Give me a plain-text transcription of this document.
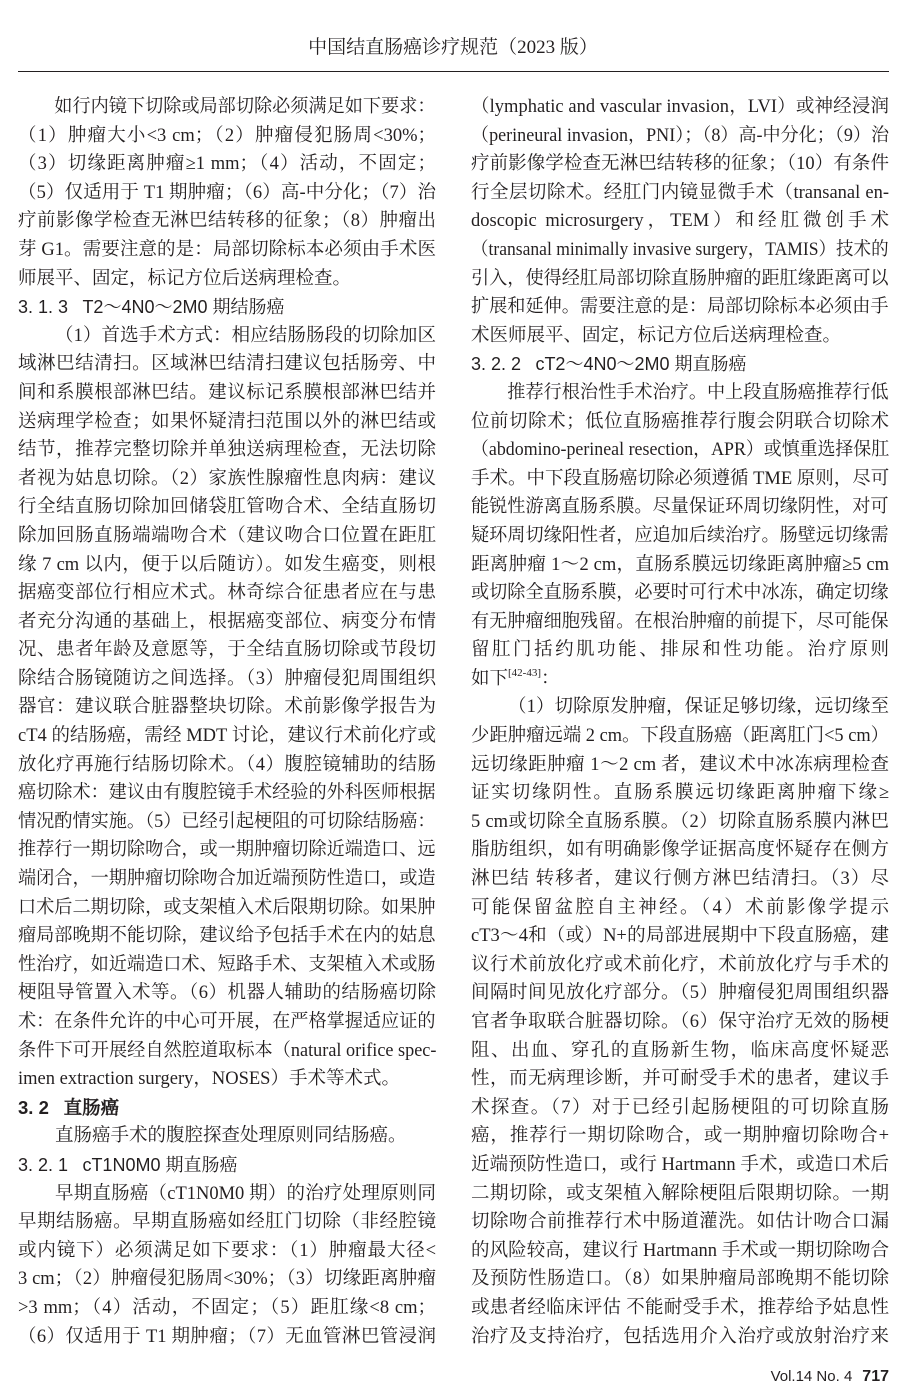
中国结直肠癌诊疗规范（2023 版）
如行内镜下切除或局部切除必须满足如下要求：
（1）肿瘤大小<3 cm；（2）肿瘤侵犯肠周<30%；
（3）切缘距离肿瘤≥1 mm；（4）活动，不固定；
（5）仅适用于 T1 期肿瘤；（6）高-中分化；（7）治
疗前影像学检查无淋巴结转移的征象；（8）肿瘤出
芽 G1。需要注意的是：局部切除标本必须由手术医
师展平、固定，标记方位后送病理检查。
3. 1. 3 T2～4N0～2M0 期结肠癌
（1）首选手术方式：相应结肠肠段的切除加区
域淋巴结清扫。区域淋巴结清扫建议包括肠旁、中
间和系膜根部淋巴结。建议标记系膜根部淋巴结并
送病理学检查；如果怀疑清扫范围以外的淋巴结或
结节，推荐完整切除并单独送病理检查，无法切除
者视为姑息切除。（2）家族性腺瘤性息肉病：建议
行全结直肠切除加回储袋肛管吻合术、全结直肠切
除加回肠直肠端端吻合术（建议吻合口位置在距肛
缘 7 cm 以内，便于以后随访）。如发生癌变，则根
据癌变部位行相应术式。林奇综合征患者应在与患
者充分沟通的基础上，根据癌变部位、病变分布情
况、患者年龄及意愿等，于全结直肠切除或节段切
除结合肠镜随访之间选择。（3）肿瘤侵犯周围组织
器官：建议联合脏器整块切除。术前影像学报告为
cT4 的结肠癌，需经 MDT 讨论，建议行术前化疗或
放化疗再施行结肠切除术。（4）腹腔镜辅助的结肠
癌切除术：建议由有腹腔镜手术经验的外科医师根据
情况酌情实施。（5）已经引起梗阻的可切除结肠癌：
推荐行一期切除吻合，或一期肿瘤切除近端造口、远
端闭合，一期肿瘤切除吻合加近端预防性造口，或造
口术后二期切除，或支架植入术后限期切除。如果肿
瘤局部晚期不能切除，建议给予包括手术在内的姑息
性治疗，如近端造口术、短路手术、支架植入术或肠
梗阻导管置入术等。（6）机器人辅助的结肠癌切除
术：在条件允许的中心可开展，在严格掌握适应证的
条件下可开展经自然腔道取标本（natural orifice spec-
imen extraction surgery，NOSES）手术等术式。
3. 2 直肠癌
直肠癌手术的腹腔探查处理原则同结肠癌。
3. 2. 1 cT1N0M0 期直肠癌
早期直肠癌（cT1N0M0 期）的治疗处理原则同
早期结肠癌。早期直肠癌如经肛门切除（非经腔镜
或内镜下）必须满足如下要求：（1）肿瘤最大径<
3 cm；（2）肿瘤侵犯肠周<30%；（3）切缘距离肿瘤
>3 mm；（4）活动，不固定；（5）距肛缘<8 cm；
（6）仅适用于 T1 期肿瘤；（7）无血管淋巴管浸润
（lymphatic and vascular invasion，LVI）或神经浸润
（perineural invasion，PNI）；（8）高-中分化；（9）治
疗前影像学检查无淋巴结转移的征象；（10）有条件
行全层切除术。经肛门内镜显微手术（transanal en-
doscopic microsurgery，TEM）和经肛微创手术
（transanal minimally invasive surgery，TAMIS）技术的
引入，使得经肛局部切除直肠肿瘤的距肛缘距离可以
扩展和延伸。需要注意的是：局部切除标本必须由手
术医师展平、固定，标记方位后送病理检查。
3. 2. 2 cT2～4N0～2M0 期直肠癌
推荐行根治性手术治疗。中上段直肠癌推荐行低
位前切除术；低位直肠癌推荐行腹会阴联合切除术
（abdomino-perineal resection，APR）或慎重选择保肛
手术。中下段直肠癌切除必须遵循 TME 原则，尽可
能锐性游离直肠系膜。尽量保证环周切缘阴性，对可
疑环周切缘阳性者，应追加后续治疗。肠壁远切缘需
距离肿瘤 1～2 cm，直肠系膜远切缘距离肿瘤≥5 cm
或切除全直肠系膜，必要时可行术中冰冻，确定切缘
有无肿瘤细胞残留。在根治肿瘤的前提下，尽可能保
留肛门括约肌功能、排尿和性功能。治疗原则
如下[42-43]：
（1）切除原发肿瘤，保证足够切缘，远切缘至
少距肿瘤远端 2 cm。下段直肠癌（距离肛门<5 cm）
远切缘距肿瘤 1～2 cm 者，建议术中冰冻病理检查
证实切缘阴性。直肠系膜远切缘距离肿瘤下缘≥
5 cm或切除全直肠系膜。（2）切除直肠系膜内淋巴
脂肪组织，如有明确影像学证据高度怀疑存在侧方
淋巴结 转移者，建议行侧方淋巴结清扫。（3）尽
可能保留盆腔自主神经。（4）术前影像学提示
cT3～4和（或）N+的局部进展期中下段直肠癌，建
议行术前放化疗或术前化疗，术前放化疗与手术的
间隔时间见放化疗部分。（5）肿瘤侵犯周围组织器
官者争取联合脏器切除。（6）保守治疗无效的肠梗
阻、出血、穿孔的直肠新生物，临床高度怀疑恶
性，而无病理诊断，并可耐受手术的患者，建议手
术探查。（7）对于已经引起肠梗阻的可切除直肠
癌，推荐行一期切除吻合，或一期肿瘤切除吻合+
近端预防性造口，或行 Hartmann 手术，或造口术后
二期切除，或支架植入解除梗阻后限期切除。一期
切除吻合前推荐行术中肠道灌洗。如估计吻合口漏
的风险较高，建议行 Hartmann 手术或一期切除吻合
及预防性肠造口。（8）如果肿瘤局部晚期不能切除
或患者经临床评估 不能耐受手术，推荐给予姑息性
治疗及支持治疗，包括选用介入治疗或放射治疗来
Vol.14 No. 4 717
